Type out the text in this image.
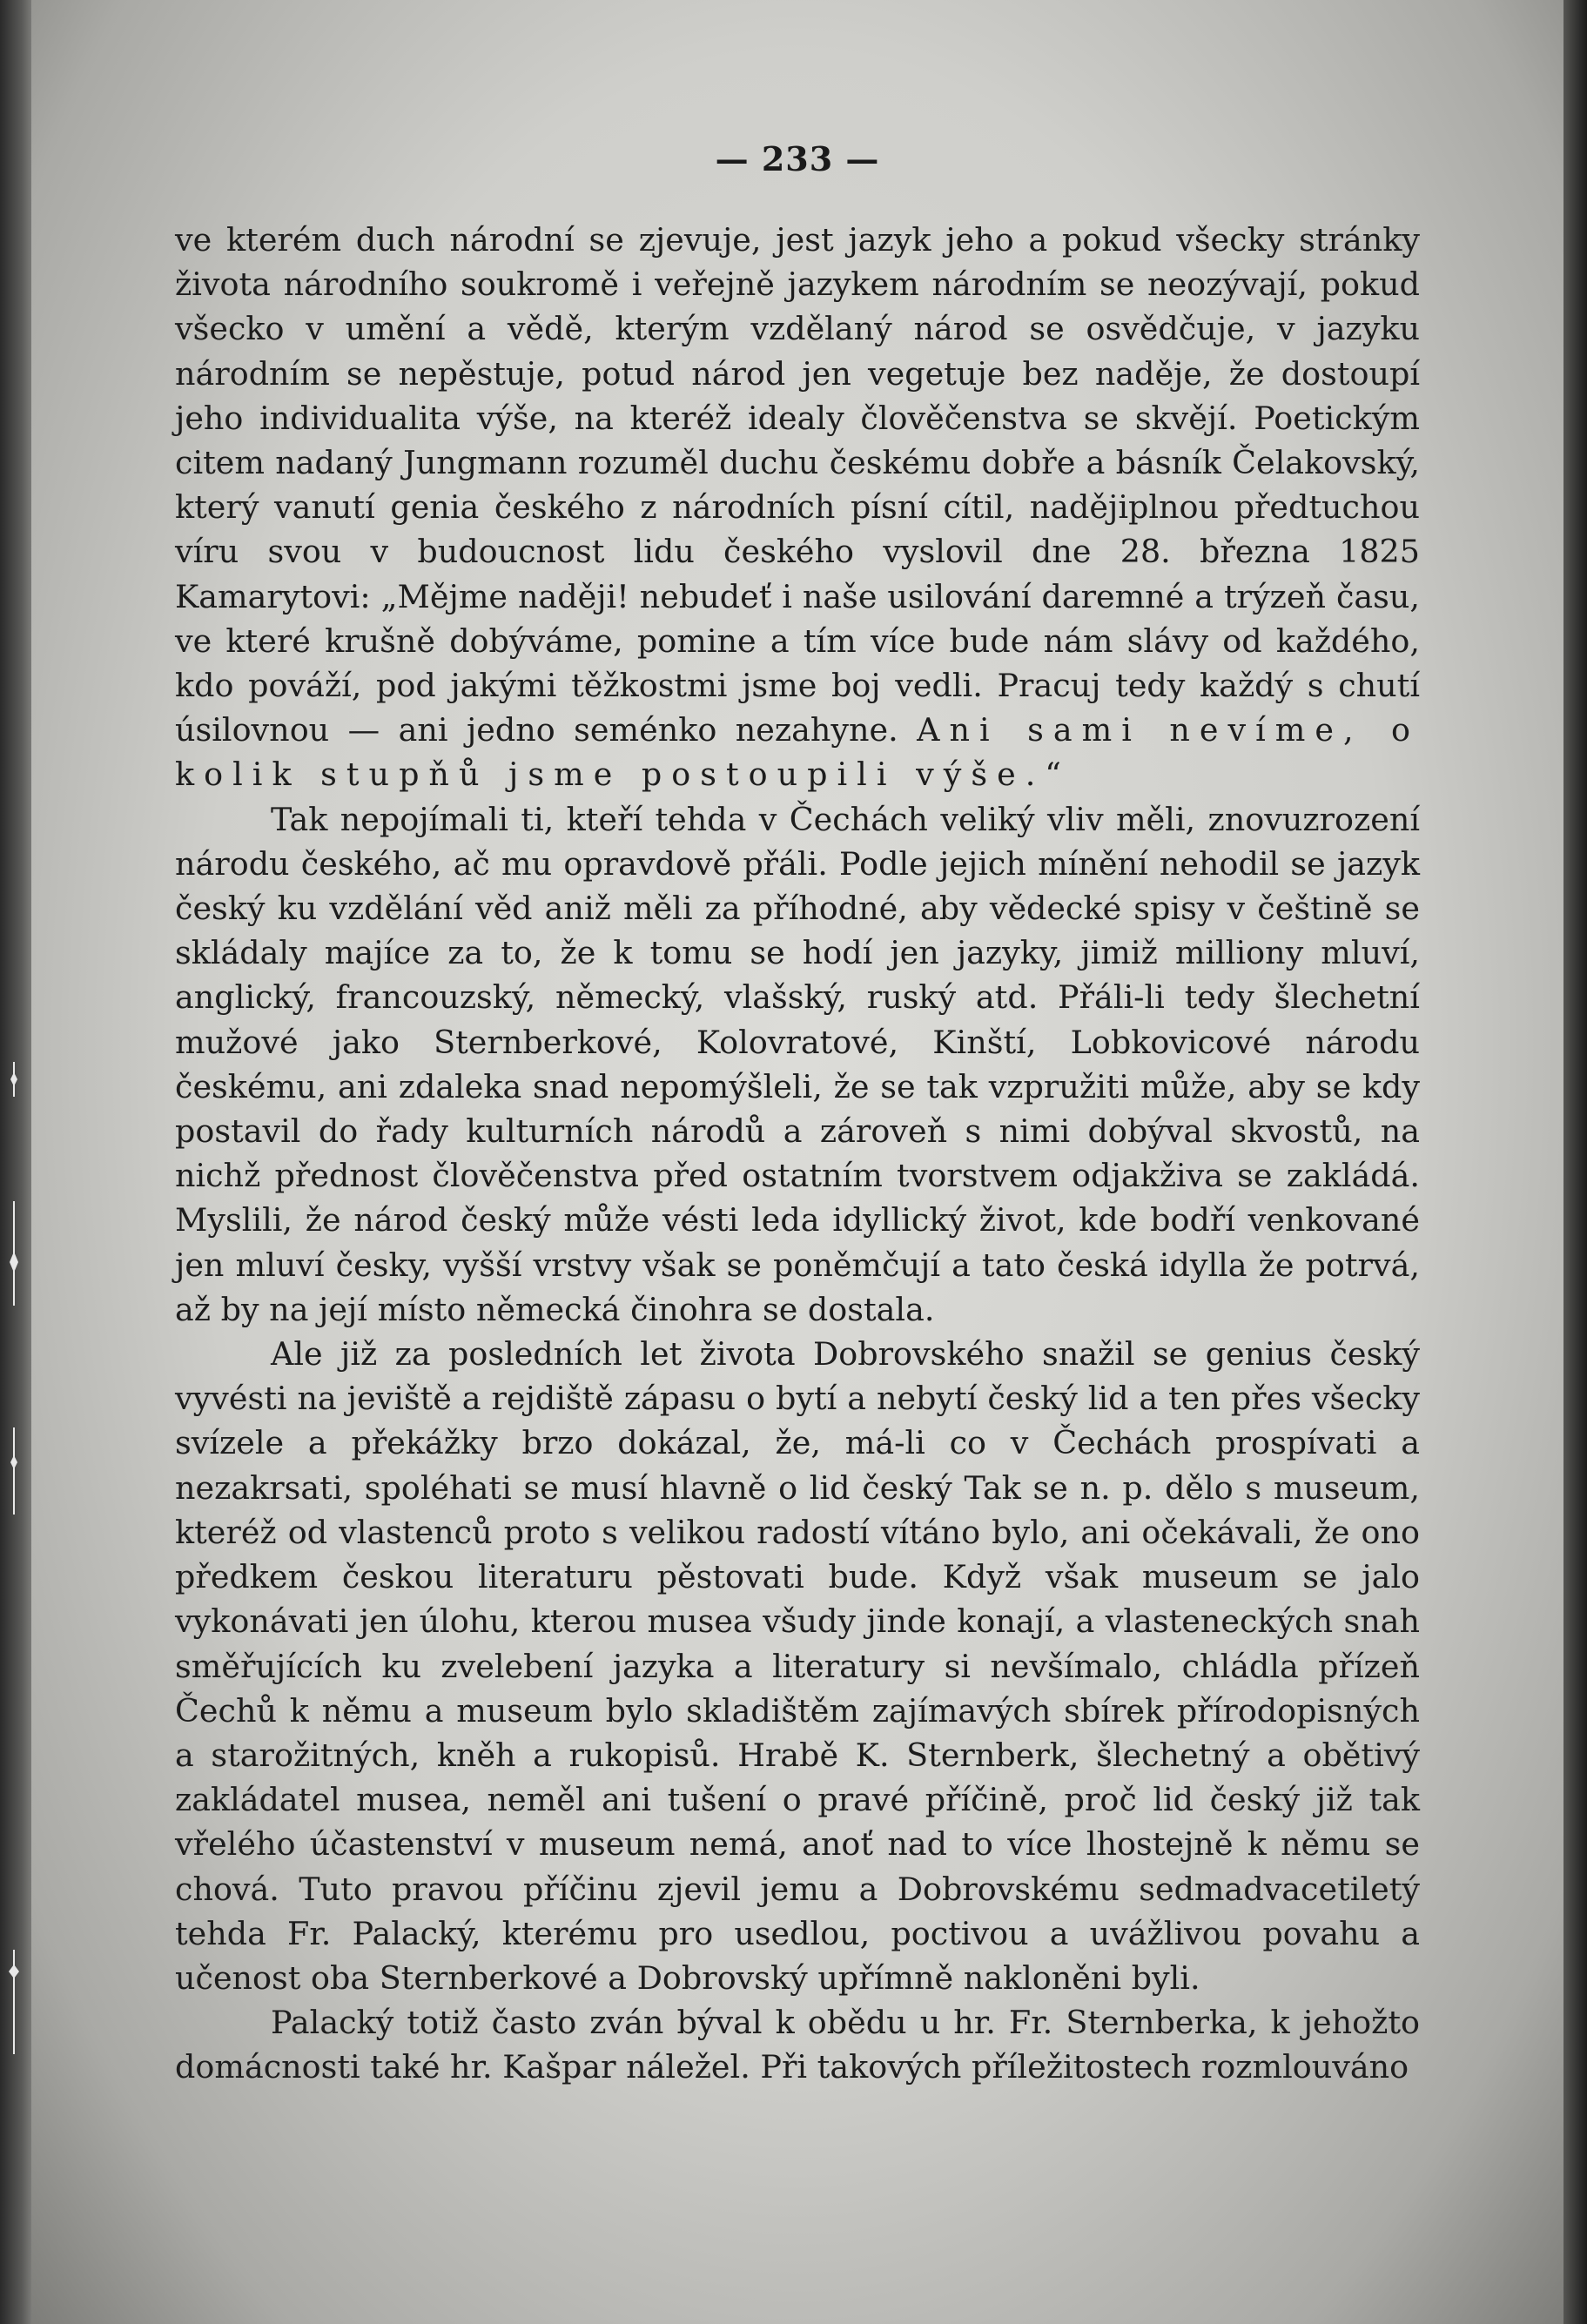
— 233 —

ve kterém duch národní se zjevuje, jest jazyk jeho a pokud všecky stránky života národního soukromě i veřejně jazykem národním se neozývají, pokud všecko v umění a vědě, kterým vzdělaný národ se osvědčuje, v jazyku národním se nepěstuje, potud národ jen vegetuje bez naděje, že dostoupí jeho individualita výše, na kteréž idealy člověčenstva se skvějí. Poetickým citem nadaný Jungmann rozuměl duchu českému dobře a básník Čelakovský, který vanutí genia českého z národních písní cítil, nadějiplnou předtuchou víru svou v budoucnost lidu českého vyslovil dne 28. března 1825 Kamarytovi: „Mějme naději! nebudeť i naše usilování daremné a trýzeň času, ve které krušně dobýváme, pomine a tím více bude nám slávy od každého, kdo pováží, pod jakými těžkostmi jsme boj vedli. Pracuj tedy každý s chutí úsilovnou — ani jedno seménko nezahyne. Ani sami nevíme, o kolik stupňů jsme postoupili výše.“

Tak nepojímali ti, kteří tehda v Čechách veliký vliv měli, znovuzrození národu českého, ač mu opravdově přáli. Podle jejich mínění nehodil se jazyk český ku vzdělání věd aniž měli za příhodné, aby vědecké spisy v češtině se skládaly majíce za to, že k tomu se hodí jen jazyky, jimiž milliony mluví, anglický, francouzský, německý, vlašský, ruský atd. Přáli-li tedy šlechetní mužové jako Sternberkové, Kolovratové, Kinští, Lobkovicové národu českému, ani zdaleka snad nepomýšleli, že se tak vzpružiti může, aby se kdy postavil do řady kulturních národů a zároveň s nimi dobýval skvostů, na nichž přednost člověčenstva před ostatním tvorstvem odjakživa se zakládá. Myslili, že národ český může vésti leda idyllický život, kde bodří venkované jen mluví česky, vyšší vrstvy však se poněmčují a tato česká idylla že potrvá, až by na její místo německá činohra se dostala.

Ale již za posledních let života Dobrovského snažil se genius český vyvésti na jeviště a rejdiště zápasu o bytí a nebytí český lid a ten přes všecky svízele a překážky brzo dokázal, že, má-li co v Čechách prospívati a nezakrsati, spoléhati se musí hlavně o lid český Tak se n. p. dělo s museum, kteréž od vlastenců proto s velikou radostí vítáno bylo, ani očekávali, že ono předkem českou literaturu pěstovati bude. Když však museum se jalo vykonávati jen úlohu, kterou musea všudy jinde konají, a vlasteneckých snah směřujících ku zvelebení jazyka a literatury si nevšímalo, chládla přízeň Čechů k němu a museum bylo skladištěm zajímavých sbírek přírodopisných a starožitných, kněh a rukopisů. Hrabě K. Sternberk, šlechetný a obětivý zakládatel musea, neměl ani tušení o pravé příčině, proč lid český již tak vřelého účastenství v museum nemá, anoť nad to více lhostejně k němu se chová. Tuto pravou příčinu zjevil jemu a Dobrovskému sedmadvacetiletý tehda Fr. Palacký, kterému pro usedlou, poctivou a uvážlivou povahu a učenost oba Sternberkové a Dobrovský upřímně nakloněni byli.

Palacký totiž často zván býval k obědu u hr. Fr. Sternberka, k jehožto domácnosti také hr. Kašpar náležel. Při takových příležitostech rozmlouváno
